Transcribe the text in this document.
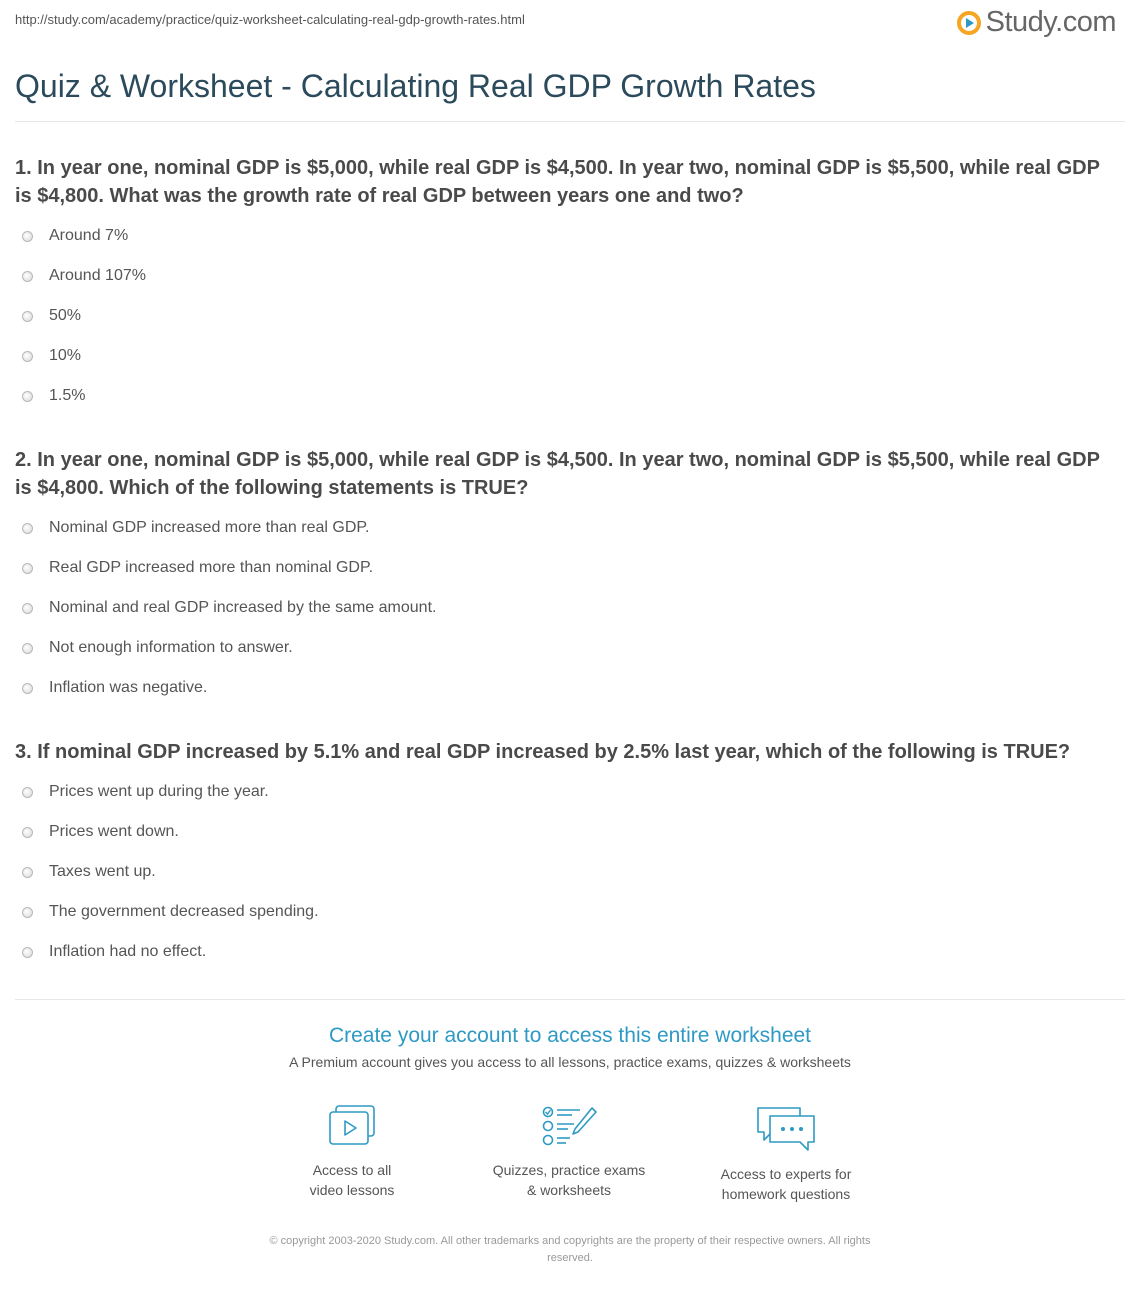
http://study.com/academy/practice/quiz-worksheet-calculating-real-gdp-growth-rates.html	Study.com
Quiz & Worksheet - Calculating Real GDP Growth Rates

1. In year one, nominal GDP is $5,000, while real GDP is $4,500. In year two, nominal GDP is $5,500, while real GDP is $4,800. What was the growth rate of real GDP between years one and two?

Around 7%
Around 107%
50%
10%
1.5%

2. In year one, nominal GDP is $5,000, while real GDP is $4,500. In year two, nominal GDP is $5,500, while real GDP is $4,800. Which of the following statements is TRUE?

Nominal GDP increased more than real GDP.
Real GDP increased more than nominal GDP.
Nominal and real GDP increased by the same amount.
Not enough information to answer.
Inflation was negative.

3. If nominal GDP increased by 5.1% and real GDP increased by 2.5% last year, which of the following is TRUE?

Prices went up during the year.
Prices went down.
Taxes went up.
The government decreased spending.
Inflation had no effect.
Create your account to access this entire worksheet
A Premium account gives you access to all lessons, practice exams, quizzes & worksheets
Access to all
video lessons
Quizzes, practice exams
& worksheets
Access to experts for
homework questions
© copyright 2003-2020 Study.com. All other trademarks and copyrights are the property of their respective owners. All rights
reserved.
